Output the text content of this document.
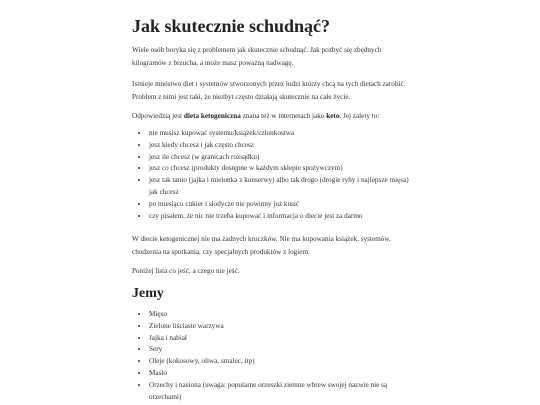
Jak skutecznie schudnąć?

Wiele osób boryka się z problemem jak skutecznie schudnąć. Jak pozbyć się zbędnych kilogramów z brzucha, a może masz poważną nadwagę.

Istnieje mnóstwo diet i systemów stworzonych przez ludzi którzy chcą na tych dietach zarobić. Problem z nimi jest taki, że niezbyt często działają skutecznie na całe życie.

Odpowiedzią jest dieta ketogeniczna znana też w internetach jako keto. Jej zalety to:

• nie musisz kupować systemu/książek/członkostwa
• jesz kiedy chcesz i jak często chcesz
• jesz ile chcesz (w granicach rozsądku)
• jesz co chcesz (produkty dostępne w każdym sklepie spożywczym)
• jesz tak tanio (jajka i mielonka z konserwy) albo tak drogo (drogie ryby i najlepsze mięsa) jak chcesz
• po miesiącu cukier i słodycze nie powinny już kusić
• czy pisałem, że nic nie trzeba kupować i informacja o diecie jest za darmo

W diecie ketogenicznej nie ma żadnych kruczków. Nie ma kupowania książek, systemów, chodzenia na spotkania, czy specjalnych produktów z logiem.

Poniżej lista co jeść, a czego nie jeść.

Jemy
• Mięso
• Zielone liściaste warzywa
• Jajka i nabiał
• Sery
• Oleje (kokosowy, oliwa, smalec, itp)
• Masło
• Orzechy i nasiona (uwaga: popularne orzeszki ziemne wbrew swojej nazwie nie są orzechami)
